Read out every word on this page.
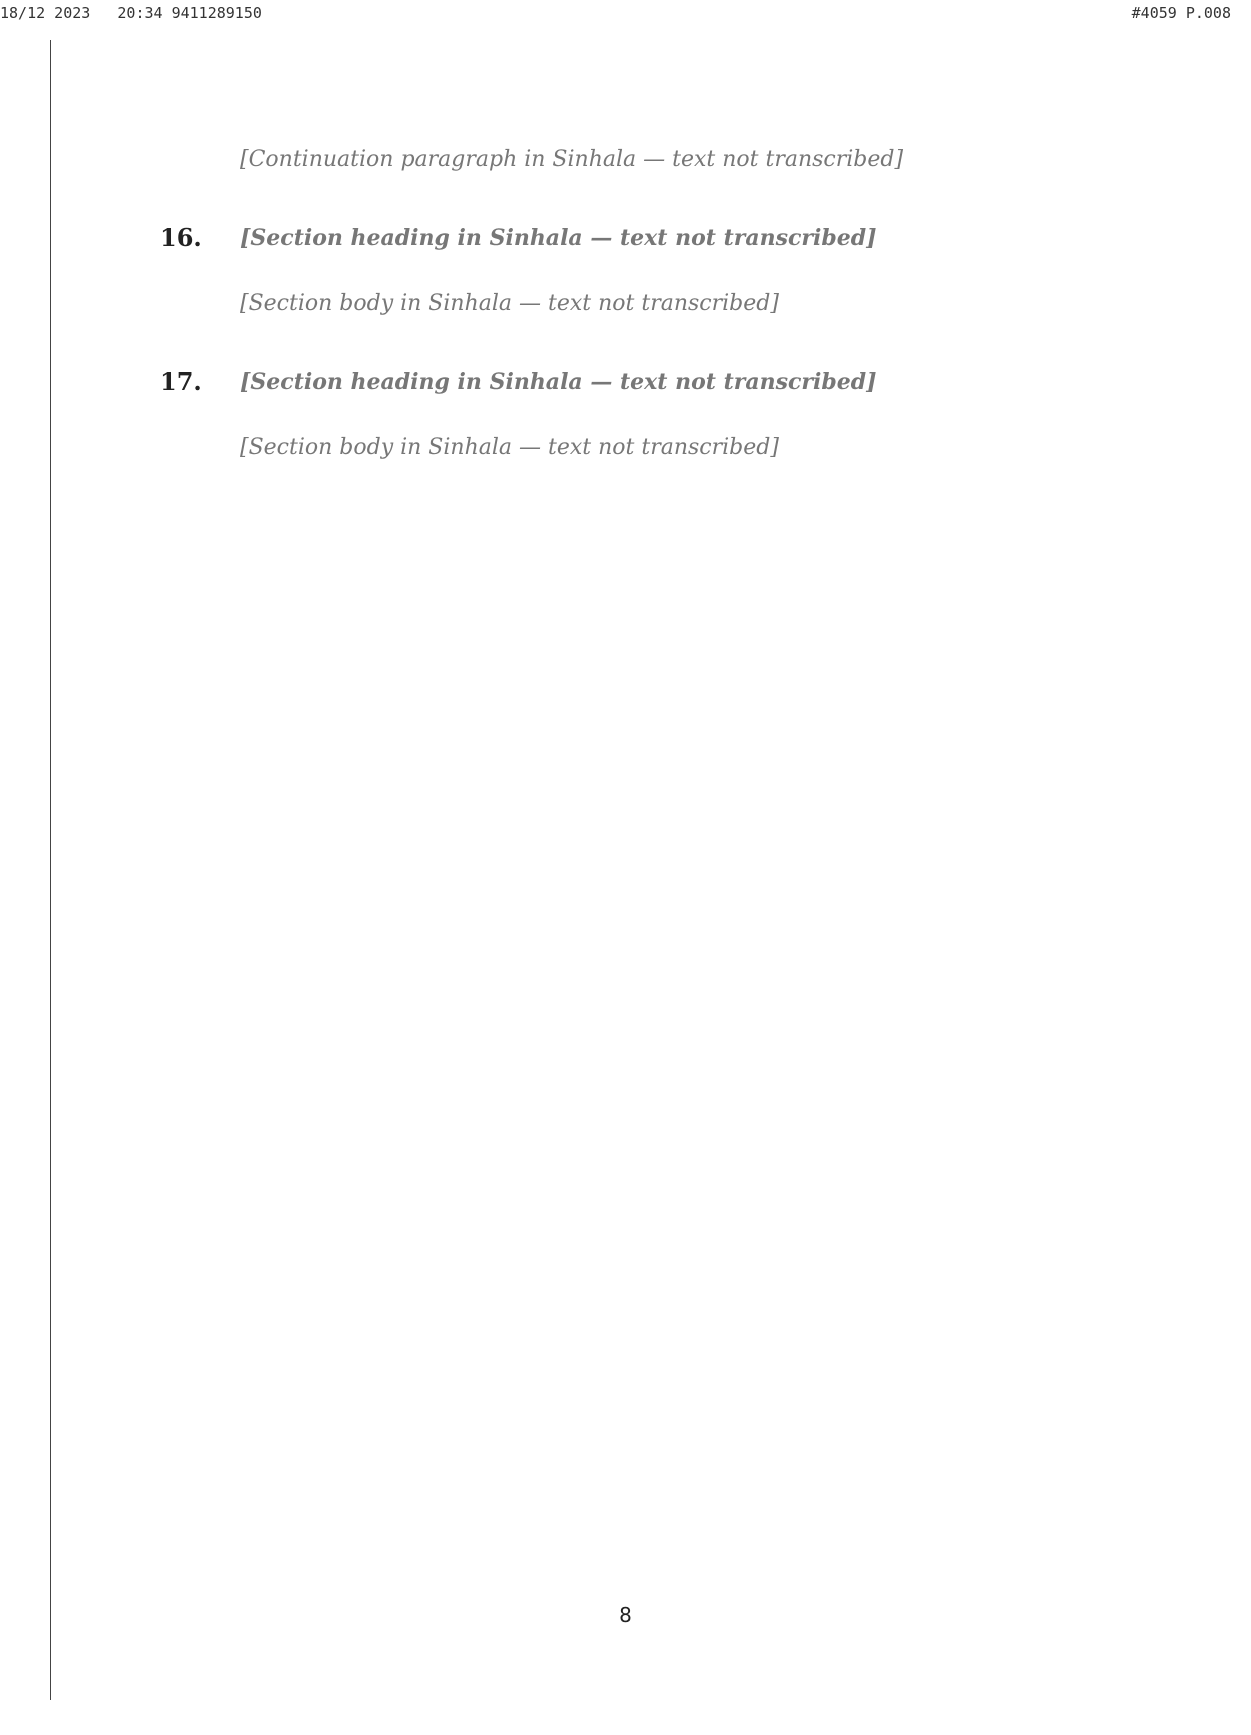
18/12 2023   20:34 9411289150	#4059 P.008

[Continuation paragraph in Sinhala — text not transcribed]

16. [Section heading in Sinhala — text not transcribed]

[Section body in Sinhala — text not transcribed]

17. [Section heading in Sinhala — text not transcribed]

[Section body in Sinhala — text not transcribed]

8
